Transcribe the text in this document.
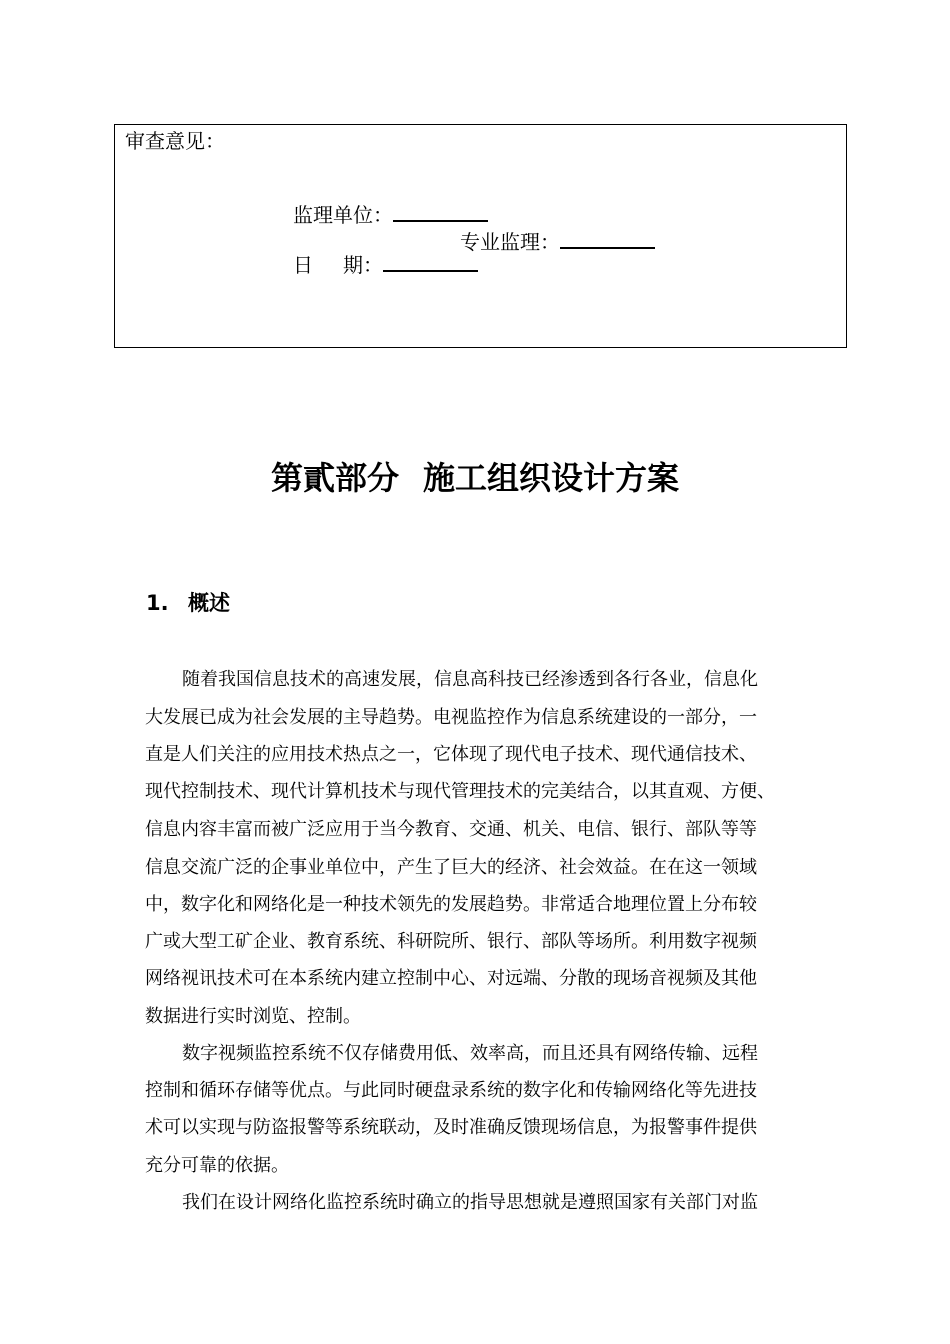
审查意见：
监理单位：
专业监理：
日 期：
第貳部分 施工组织设计方案
1. 概述
随着我国信息技术的高速发展，信息高科技已经渗透到各行各业，信息化
大发展已成为社会发展的主导趋势。电视监控作为信息系统建设的一部分，一
直是人们关注的应用技术热点之一，它体现了现代电子技术、现代通信技术、
现代控制技术、现代计算机技术与现代管理技术的完美结合，以其直观、方便、
信息内容丰富而被广泛应用于当今教育、交通、机关、电信、银行、部队等等
信息交流广泛的企事业单位中，产生了巨大的经济、社会效益。在在这一领域
中，数字化和网络化是一种技术领先的发展趋势。非常适合地理位置上分布较
广或大型工矿企业、教育系统、科研院所、银行、部队等场所。利用数字视频
网络视讯技术可在本系统内建立控制中心、对远端、分散的现场音视频及其他
数据进行实时浏览、控制。
数字视频监控系统不仅存储费用低、效率高，而且还具有网络传输、远程
控制和循环存储等优点。与此同时硬盘录系统的数字化和传输网络化等先进技
术可以实现与防盗报警等系统联动，及时准确反馈现场信息，为报警事件提供
充分可靠的依据。
我们在设计网络化监控系统时确立的指导思想就是遵照国家有关部门对监
